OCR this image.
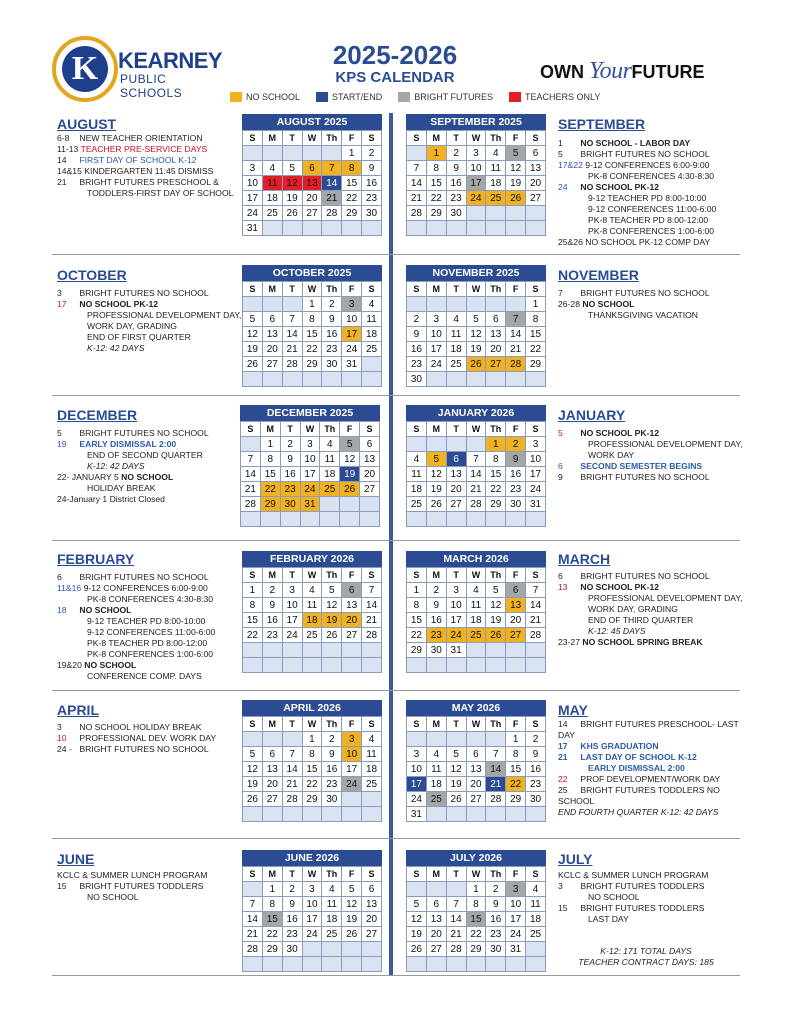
K KEARNEY
PUBLIC SCHOOLS
2025-2026
KPS CALENDAR	OWN YourFUTURE
NO SCHOOL	START/END	BRIGHT FUTURES	TEACHERS ONLY
AUGUST
6-8 NEW TEACHER ORIENTATION
11-13 TEACHER PRE-SERVICE DAYS
14 FIRST DAY OF SCHOOL K-12
14&15 KINDERGARTEN 11:45 DISMISS
21 BRIGHT FUTURES PRESCHOOL &
TODDLERS-FIRST DAY OF SCHOOL
SEPTEMBER
1 NO SCHOOL - LABOR DAY
5 BRIGHT FUTURES NO SCHOOL
17&22 9-12 CONFERENCES 6:00-9:00
PK-8 CONFERENCES 4:30-8:30
24 NO SCHOOL PK-12
9-12 TEACHER PD 8:00-10:00
9-12 CONFERENCES 11:00-6:00
PK-8 TEACHER PD 8:00-12:00
PK-8 CONFERENCES 1:00-6:00
25&26 NO SCHOOL PK-12 COMP DAY
OCTOBER
3 BRIGHT FUTURES NO SCHOOL
17 NO SCHOOL PK-12
PROFESSIONAL DEVELOPMENT DAY,
WORK DAY, GRADING
END OF FIRST QUARTER
K-12: 42 DAYS
NOVEMBER
7 BRIGHT FUTURES NO SCHOOL
26-28 NO SCHOOL
THANKSGIVING VACATION
DECEMBER
5 BRIGHT FUTURES NO SCHOOL
19 EARLY DISMISSAL 2:00
END OF SECOND QUARTER
K-12: 42 DAYS
22- JANUARY 5 NO SCHOOL
HOLIDAY BREAK
24-January 1 District Closed
JANUARY
5 NO SCHOOL PK-12
PROFESSIONAL DEVELOPMENT DAY,
WORK DAY
6 SECOND SEMESTER BEGINS
9 BRIGHT FUTURES NO SCHOOL
FEBRUARY
6 BRIGHT FUTURES NO SCHOOL
11&16 9-12 CONFERENCES 6:00-9:00
PK-8 CONFERENCES 4:30-8:30
18 NO SCHOOL
9-12 TEACHER PD 8:00-10:00
9-12 CONFERENCES 11:00-6:00
PK-8 TEACHER PD 8:00-12:00
PK-8 CONFERENCES 1:00-6:00
19&20 NO SCHOOL
CONFERENCE COMP. DAYS
MARCH
6 BRIGHT FUTURES NO SCHOOL
13 NO SCHOOL PK-12
PROFESSIONAL DEVELOPMENT DAY,
WORK DAY, GRADING
END OF THIRD QUARTER
K-12: 45 DAYS
23-27 NO SCHOOL SPRING BREAK
APRIL
3 NO SCHOOL HOLIDAY BREAK
10 PROFESSIONAL DEV. WORK DAY
24 - BRIGHT FUTURES NO SCHOOL
MAY
14 BRIGHT FUTURES PRESCHOOL- LAST
DAY
17 KHS GRADUATION
21 LAST DAY OF SCHOOL K-12
EARLY DISMISSAL 2:00
22 PROF DEVELOPMENT/WORK DAY
25 BRIGHT FUTURES TODDLERS NO
SCHOOL
END FOURTH QUARTER K-12: 42 DAYS
JUNE
KCLC & SUMMER LUNCH PROGRAM
15 BRIGHT FUTURES TODDLERS
NO SCHOOL
JULY
KCLC & SUMMER LUNCH PROGRAM
3 BRIGHT FUTURES TODDLERS
NO SCHOOL
15 BRIGHT FUTURES TODDLERS
LAST DAY
K-12: 171 TOTAL DAYS
TEACHER CONTRACT DAYS: 185
AUGUST 2025
S	M	T	W	Th	F	S
					1	2
3	4	5	6	7	8	9
10	11	12	13	14	15	16
17	18	19	20	21	22	23
24	25	26	27	28	29	30
31						
SEPTEMBER 2025
S	M	T	W	Th	F	S
	1	2	3	4	5	6
7	8	9	10	11	12	13
14	15	16	17	18	19	20
21	22	23	24	25	26	27
28	29	30				

OCTOBER 2025
S	M	T	W	Th	F	S
			1	2	3	4
5	6	7	8	9	10	11
12	13	14	15	16	17	18
19	20	21	22	23	24	25
26	27	28	29	30	31	

NOVEMBER 2025
S	M	T	W	Th	F	S
						1
2	3	4	5	6	7	8
9	10	11	12	13	14	15
16	17	18	19	20	21	22
23	24	25	26	27	28	29
30						
DECEMBER 2025
S	M	T	W	Th	F	S
	1	2	3	4	5	6
7	8	9	10	11	12	13
14	15	16	17	18	19	20
21	22	23	24	25	26	27
28	29	30	31			

JANUARY 2026
S	M	T	W	Th	F	S
				1	2	3
4	5	6	7	8	9	10
11	12	13	14	15	16	17
18	19	20	21	22	23	24
25	26	27	28	29	30	31

FEBRUARY 2026
S	M	T	W	Th	F	S
1	2	3	4	5	6	7
8	9	10	11	12	13	14
15	16	17	18	19	20	21
22	23	24	25	26	27	28

MARCH 2026
S	M	T	W	Th	F	S
1	2	3	4	5	6	7
8	9	10	11	12	13	14
15	16	17	18	19	20	21
22	23	24	25	26	27	28
29	30	31				

APRIL 2026
S	M	T	W	Th	F	S
			1	2	3	4
5	6	7	8	9	10	11
12	13	14	15	16	17	18
19	20	21	22	23	24	25
26	27	28	29	30		

MAY 2026
S	M	T	W	Th	F	S
					1	2
3	4	5	6	7	8	9
10	11	12	13	14	15	16
17	18	19	20	21	22	23
24	25	26	27	28	29	30
31						
JUNE 2026
S	M	T	W	Th	F	S
	1	2	3	4	5	6
7	8	9	10	11	12	13
14	15	16	17	18	19	20
21	22	23	24	25	26	27
28	29	30				

JULY 2026
S	M	T	W	Th	F	S
			1	2	3	4
5	6	7	8	9	10	11
12	13	14	15	16	17	18
19	20	21	22	23	24	25
26	27	28	29	30	31	
